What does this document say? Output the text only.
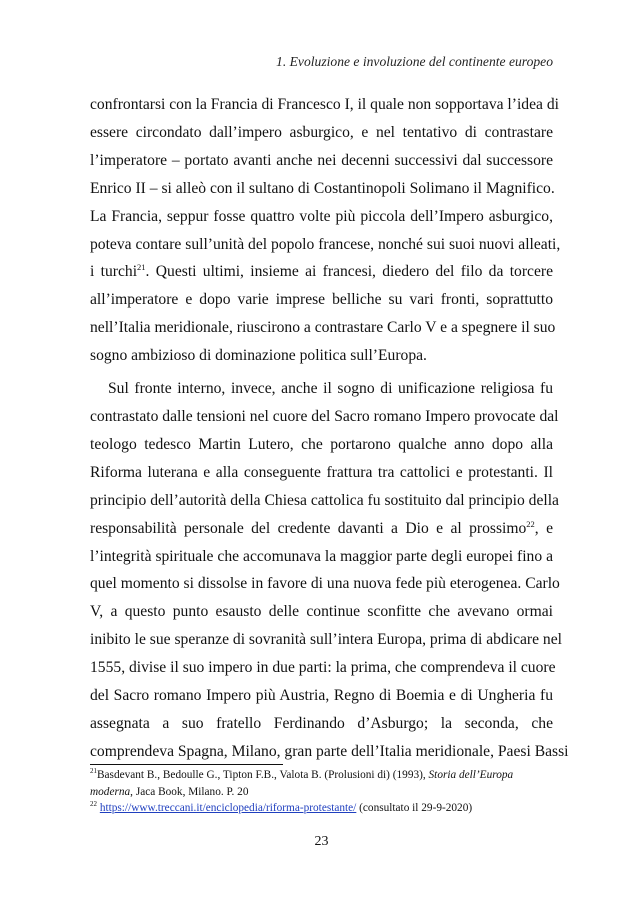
1. Evoluzione e involuzione del continente europeo

confrontarsi con la Francia di Francesco I, il quale non sopportava l’idea di
essere circondato dall’impero asburgico, e nel tentativo di contrastare
l’imperatore – portato avanti anche nei decenni successivi dal successore
Enrico II – si alleò con il sultano di Costantinopoli Solimano il Magnifico.
La Francia, seppur fosse quattro volte più piccola dell’Impero asburgico,
poteva contare sull’unità del popolo francese, nonché sui suoi nuovi alleati,
i turchi$^{21}$. Questi ultimi, insieme ai francesi, diedero del filo da torcere
all’imperatore e dopo varie imprese belliche su vari fronti, soprattutto
nell’Italia meridionale, riuscirono a contrastare Carlo V e a spegnere il suo
sogno ambizioso di dominazione politica sull’Europa.

Sul fronte interno, invece, anche il sogno di unificazione religiosa fu
contrastato dalle tensioni nel cuore del Sacro romano Impero provocate dal
teologo tedesco Martin Lutero, che portarono qualche anno dopo alla
Riforma luterana e alla conseguente frattura tra cattolici e protestanti. Il
principio dell’autorità della Chiesa cattolica fu sostituito dal principio della
responsabilità personale del credente davanti a Dio e al prossimo$^{22}$, e
l’integrità spirituale che accomunava la maggior parte degli europei fino a
quel momento si dissolse in favore di una nuova fede più eterogenea. Carlo
V, a questo punto esausto delle continue sconfitte che avevano ormai
inibito le sue speranze di sovranità sull’intera Europa, prima di abdicare nel
1555, divise il suo impero in due parti: la prima, che comprendeva il cuore
del Sacro romano Impero più Austria, Regno di Boemia e di Ungheria fu
assegnata a suo fratello Ferdinando d’Asburgo; la seconda, che
comprendeva Spagna, Milano, gran parte dell’Italia meridionale, Paesi Bassi

$^{21}$Basdevant B., Bedoulle G., Tipton F.B., Valota B. (Prolusioni di) (1993), Storia dell’Europa
moderna, Jaca Book, Milano. P. 20
$^{22}$ https://www.treccani.it/enciclopedia/riforma-protestante/ (consultato il 29-9-2020)
23
